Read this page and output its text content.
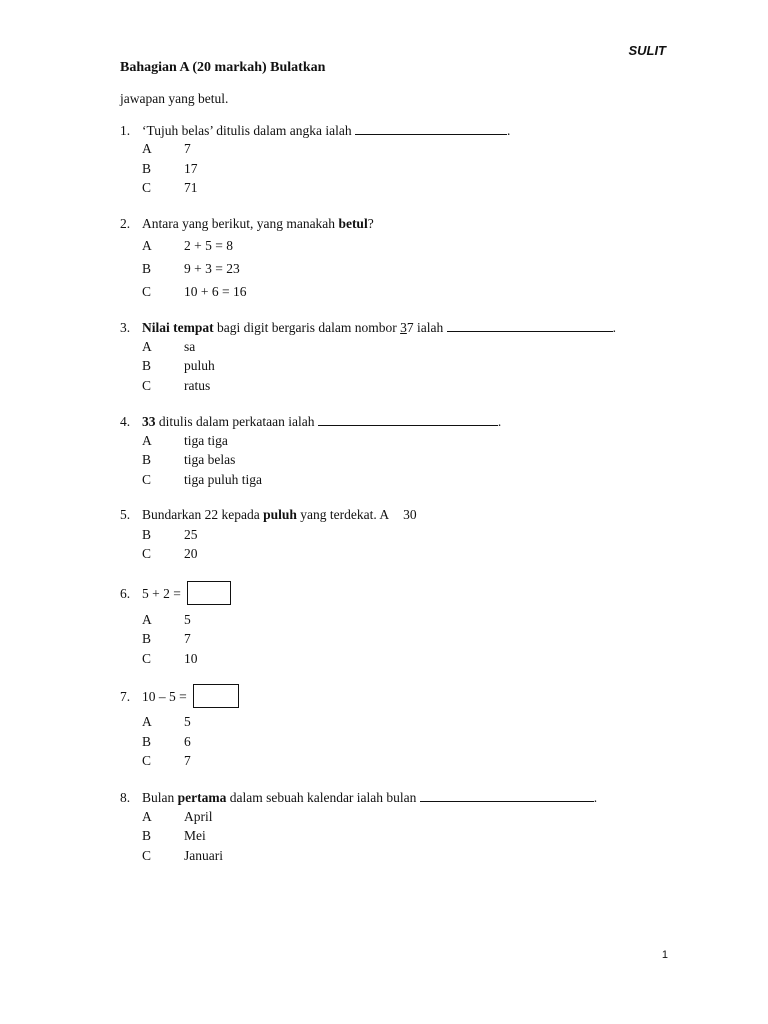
SULIT
Bahagian A (20 markah) Bulatkan
jawapan yang betul.
1. ‘Tujuh belas’ ditulis dalam angka ialah	.
A 7
B 17
C 71
2. Antara yang berikut, yang manakah betul?
A 2 + 5 = 8
B 9 + 3 = 23
C 10 + 6 = 16
3. Nilai tempat bagi digit bergaris dalam nombor 37 ialah	.
A sa
B puluh
C ratus
4. 33 ditulis dalam perkataan ialah	.
A tiga tiga
B tiga belas
C tiga puluh tiga
5. Bundarkan 22 kepada puluh yang terdekat. A 30
B 25
C 20
6. 5 + 2 =
A 5
B 7
C 10
7. 10 – 5 =
A 5
B 6
C 7
8. Bulan pertama dalam sebuah kalendar ialah bulan	.
A April
B Mei
C Januari
1
